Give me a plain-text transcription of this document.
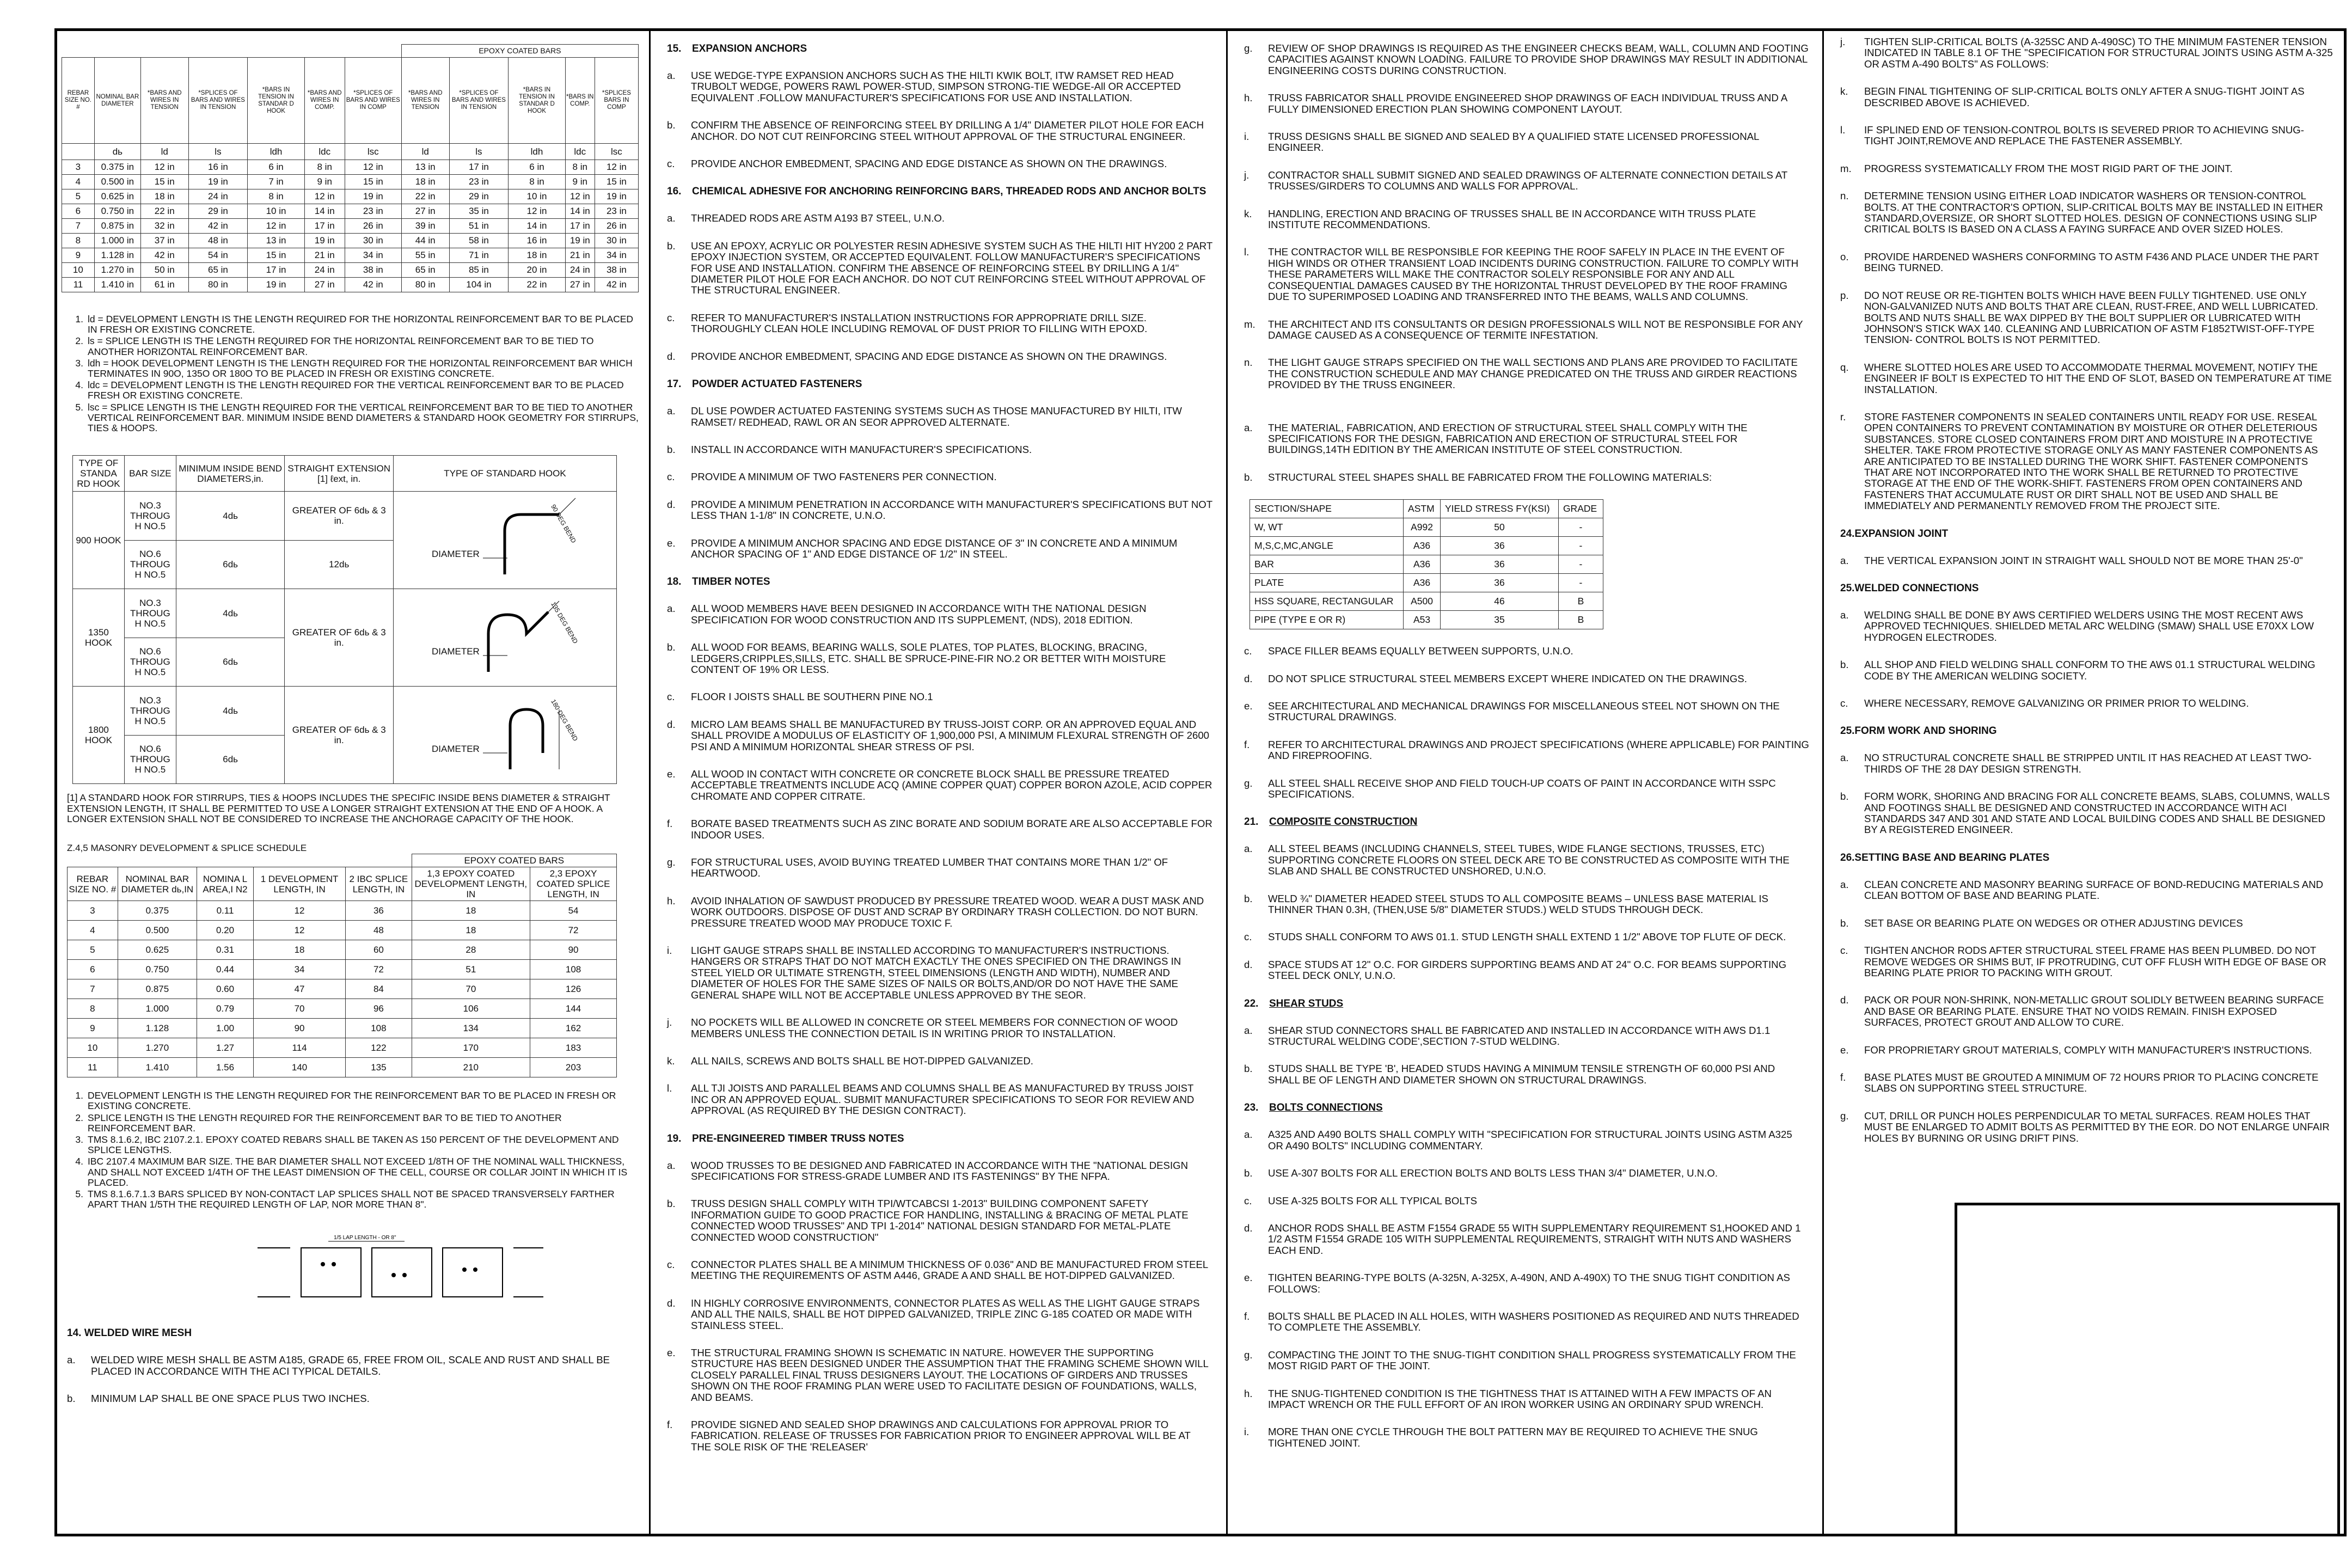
							EPOXY COATED BARS				
REBAR SIZE NO. #	NOMINAL BAR DIAMETER	*BARS AND WIRES IN TENSION	*SPLICES OF BARS AND WIRES IN TENSION	*BARS IN TENSION IN STANDAR D HOOK	*BARS AND WIRES IN COMP.	*SPLICES OF BARS AND WIRES IN COMP	*BARS AND WIRES IN TENSION	*SPLICES OF BARS AND WIRES IN TENSION	*BARS IN TENSION IN STANDAR D HOOK	*BARS IN COMP.	*SPLICES BARS IN COMP
	dь	ld	ls	ldh	ldc	lsc	ld	ls	ldh	ldc	lsc
3	0.375 in	12 in	16 in	6 in	8 in	12 in	13 in	17 in	6 in	8 in	12 in
4	0.500 in	15 in	19 in	7 in	9 in	15 in	18 in	23 in	8 in	9 in	15 in
5	0.625 in	18 in	24 in	8 in	12 in	19 in	22 in	29 in	10 in	12 in	19 in
6	0.750 in	22 in	29 in	10 in	14 in	23 in	27 in	35 in	12 in	14 in	23 in
7	0.875 in	32 in	42 in	12 in	17 in	26 in	39 in	51 in	14 in	17 in	26 in
8	1.000 in	37 in	48 in	13 in	19 in	30 in	44 in	58 in	16 in	19 in	30 in
9	1.128 in	42 in	54 in	15 in	21 in	34 in	55 in	71 in	18 in	21 in	34 in
10	1.270 in	50 in	65 in	17 in	24 in	38 in	65 in	85 in	20 in	24 in	38 in
11	1.410 in	61 in	80 in	19 in	27 in	42 in	80 in	104 in	22 in	27 in	42 in
1. ld = DEVELOPMENT LENGTH IS THE LENGTH REQUIRED FOR THE HORIZONTAL REINFORCEMENT BAR TO BE PLACED IN FRESH OR EXISTING CONCRETE.
2. ls = SPLICE LENGTH IS THE LENGTH REQUIRED FOR THE HORIZONTAL REINFORCEMENT BAR TO BE TIED TO ANOTHER HORIZONTAL REINFORCEMENT BAR.
3. ldh = HOOK DEVELOPMENT LENGTH IS THE LENGTH REQUIRED FOR THE HORIZONTAL REINFORCEMENT BAR WHICH TERMINATES IN 90O, 135O OR 180O TO BE PLACED IN FRESH OR EXISTING CONCRETE.
4. ldc = DEVELOPMENT LENGTH IS THE LENGTH REQUIRED FOR THE VERTICAL REINFORCEMENT BAR TO BE PLACED FRESH OR EXISTING CONCRETE.
5. lsc = SPLICE LENGTH IS THE LENGTH REQUIRED FOR THE VERTICAL REINFORCEMENT BAR TO BE TIED TO ANOTHER VERTICAL REINFORCEMENT BAR. MINIMUM INSIDE BEND DIAMETERS & STANDARD HOOK GEOMETRY FOR STIRRUPS, TIES & HOOPS.
TYPE OF STANDA RD HOOK	BAR SIZE	MINIMUM INSIDE BEND DIAMETERS,in.	STRAIGHT EXTENSION [1] ℓext, in.	TYPE OF STANDARD HOOK
900 HOOK	NO.3 THROUG H NO.5	4dь	GREATER OF 6dь & 3 in.	DIAMETER
90 DEG BEND

	NO.6 THROUG H NO.5	6dь	12dь	
1350 HOOK	NO.3 THROUG H NO.5	4dь	GREATER OF 6dь & 3 in.	DIAMETER
135 DEG BEND

	NO.6 THROUG H NO.5	6dь		
1800 HOOK	NO.3 THROUG H NO.5	4dь	GREATER OF 6dь & 3 in.	DIAMETER
180 DEG BEND

	NO.6 THROUG H NO.5	6dь		
[1] A STANDARD HOOK FOR STIRRUPS, TIES & HOOPS INCLUDES THE SPECIFIC INSIDE BENS DIAMETER & STRAIGHT EXTENSION LENGTH, IT SHALL BE PERMITTED TO USE A LONGER STRAIGHT EXTENSION AT THE END OF A HOOK. A LONGER EXTENSION SHALL NOT BE CONSIDERED TO INCREASE THE ANCHORAGE CAPACITY OF THE HOOK.
Z.4,5 MASONRY DEVELOPMENT & SPLICE SCHEDULE
					EPOXY COATED BARS	
REBAR SIZE NO. #	NOMINAL BAR DIAMETER dь,IN	NOMINA L AREA,I N2	1 DEVELOPMENT LENGTH, IN	2 IBC SPLICE LENGTH, IN	1,3 EPOXY COATED DEVELOPMENT LENGTH, IN	2,3 EPOXY COATED SPLICE LENGTH, IN
3	0.375	0.11	12	36	18	54
4	0.500	0.20	12	48	18	72
5	0.625	0.31	18	60	28	90
6	0.750	0.44	34	72	51	108
7	0.875	0.60	47	84	70	126
8	1.000	0.79	70	96	106	144
9	1.128	1.00	90	108	134	162
10	1.270	1.27	114	122	170	183
11	1.410	1.56	140	135	210	203
1. DEVELOPMENT LENGTH IS THE LENGTH REQUIRED FOR THE REINFORCEMENT BAR TO BE PLACED IN FRESH OR EXISTING CONCRETE.
2. SPLICE LENGTH IS THE LENGTH REQUIRED FOR THE REINFORCEMENT BAR TO BE TIED TO ANOTHER REINFORCEMENT BAR.
3. TMS 8.1.6.2, IBC 2107.2.1. EPOXY COATED REBARS SHALL BE TAKEN AS 150 PERCENT OF THE DEVELOPMENT AND SPLICE LENGTHS.
4. IBC 2107.4 MAXIMUM BAR SIZE. THE BAR DIAMETER SHALL NOT EXCEED 1/8TH OF THE NOMINAL WALL THICKNESS, AND SHALL NOT EXCEED 1/4TH OF THE LEAST DIMENSION OF THE CELL, COURSE OR COLLAR JOINT IN WHICH IT IS PLACED.
5. TMS 8.1.6.7.1.3 BARS SPLICED BY NON-CONTACT LAP SPLICES SHALL NOT BE SPACED TRANSVERSELY FARTHER APART THAN 1/5TH THE REQUIRED LENGTH OF LAP, NOR MORE THAN 8".
1/5 LAP LENGTH - OR 8"
14. WELDED WIRE MESH
a.	WELDED WIRE MESH SHALL BE ASTM A185, GRADE 65, FREE FROM OIL, SCALE AND RUST AND SHALL BE PLACED IN ACCORDANCE WITH THE ACI TYPICAL DETAILS.
b.	MINIMUM LAP SHALL BE ONE SPACE PLUS TWO INCHES.
15.	EXPANSION ANCHORS
a.	USE WEDGE-TYPE EXPANSION ANCHORS SUCH AS THE HILTI KWIK BOLT, ITW RAMSET RED HEAD TRUBOLT WEDGE, POWERS RAWL POWER-STUD, SIMPSON STRONG-TIE WEDGE-All OR ACCEPTED EQUIVALENT .FOLLOW MANUFACTURER'S SPECIFICATIONS FOR USE AND INSTALLATION.
b.	CONFIRM THE ABSENCE OF REINFORCING STEEL BY DRILLING A 1/4" DIAMETER PILOT HOLE FOR EACH ANCHOR. DO NOT CUT REINFORCING STEEL WITHOUT APPROVAL OF THE STRUCTURAL ENGINEER.
c.	PROVIDE ANCHOR EMBEDMENT, SPACING AND EDGE DISTANCE AS SHOWN ON THE DRAWINGS.
16.	CHEMICAL ADHESIVE FOR ANCHORING REINFORCING BARS, THREADED RODS AND ANCHOR BOLTS
a.	THREADED RODS ARE ASTM A193 B7 STEEL, U.N.O.
b.	USE AN EPOXY, ACRYLIC OR POLYESTER RESIN ADHESIVE SYSTEM SUCH AS THE HILTI HIT HY200 2 PART EPOXY INJECTION SYSTEM, OR ACCEPTED EQUIVALENT. FOLLOW MANUFACTURER'S SPECIFICATIONS FOR USE AND INSTALLATION. CONFIRM THE ABSENCE OF REINFORCING STEEL BY DRILLING A 1/4" DIAMETER PILOT HOLE FOR EACH ANCHOR. DO NOT CUT REINFORCING STEEL WITHOUT APPROVAL OF THE STRUCTURAL ENGINEER.
c.	REFER TO MANUFACTURER'S INSTALLATION INSTRUCTIONS FOR APPROPRIATE DRILL SIZE. THOROUGHLY CLEAN HOLE INCLUDING REMOVAL OF DUST PRIOR TO FILLING WITH EPOXD.
d.	PROVIDE ANCHOR EMBEDMENT, SPACING AND EDGE DISTANCE AS SHOWN ON THE DRAWINGS.
17.	POWDER ACTUATED FASTENERS
a.	DL USE POWDER ACTUATED FASTENING SYSTEMS SUCH AS THOSE MANUFACTURED BY HILTI, ITW RAMSET/ REDHEAD, RAWL OR AN SEOR APPROVED ALTERNATE.
b.	INSTALL IN ACCORDANCE WITH MANUFACTURER'S SPECIFICATIONS.
c.	PROVIDE A MINIMUM OF TWO FASTENERS PER CONNECTION.
d.	PROVIDE A MINIMUM PENETRATION IN ACCORDANCE WITH MANUFACTURER'S SPECIFICATIONS BUT NOT LESS THAN 1-1/8" IN CONCRETE, U.N.O.
e.	PROVIDE A MINIMUM ANCHOR SPACING AND EDGE DISTANCE OF 3" IN CONCRETE AND A MINIMUM ANCHOR SPACING OF 1" AND EDGE DISTANCE OF 1/2" IN STEEL.
18.	TIMBER NOTES
a.	ALL WOOD MEMBERS HAVE BEEN DESIGNED IN ACCORDANCE WITH THE NATIONAL DESIGN SPECIFICATION FOR WOOD CONSTRUCTION AND ITS SUPPLEMENT, (NDS), 2018 EDITION.
b.	ALL WOOD FOR BEAMS, BEARING WALLS, SOLE PLATES, TOP PLATES, BLOCKING, BRACING, LEDGERS,CRIPPLES,SILLS, ETC. SHALL BE SPRUCE-PINE-FIR NO.2 OR BETTER WITH MOISTURE CONTENT OF 19% OR LESS.
c.	FLOOR I JOISTS SHALL BE SOUTHERN PINE NO.1
d.	MICRO LAM BEAMS SHALL BE MANUFACTURED BY TRUSS-JOIST CORP. OR AN APPROVED EQUAL AND SHALL PROVIDE A MODULUS OF ELASTICITY OF 1,900,000 PSI, A MINIMUM FLEXURAL STRENGTH OF 2600 PSI AND A MINIMUM HORIZONTAL SHEAR STRESS OF PSI.
e.	ALL WOOD IN CONTACT WITH CONCRETE OR CONCRETE BLOCK SHALL BE PRESSURE TREATED ACCEPTABLE TREATMENTS INCLUDE ACQ (AMINE COPPER QUAT) COPPER BORON AZOLE, ACID COPPER CHROMATE AND COPPER CITRATE.
f.	BORATE BASED TREATMENTS SUCH AS ZINC BORATE AND SODIUM BORATE ARE ALSO ACCEPTABLE FOR INDOOR USES.
g.	FOR STRUCTURAL USES, AVOID BUYING TREATED LUMBER THAT CONTAINS MORE THAN 1/2" OF HEARTWOOD.
h.	AVOID INHALATION OF SAWDUST PRODUCED BY PRESSURE TREATED WOOD. WEAR A DUST MASK AND WORK OUTDOORS. DISPOSE OF DUST AND SCRAP BY ORDINARY TRASH COLLECTION. DO NOT BURN. PRESSURE TREATED WOOD MAY PRODUCE TOXIC F.
i.	LIGHT GAUGE STRAPS SHALL BE INSTALLED ACCORDING TO MANUFACTURER'S INSTRUCTIONS. HANGERS OR STRAPS THAT DO NOT MATCH EXACTLY THE ONES SPECIFIED ON THE DRAWINGS IN STEEL YIELD OR ULTIMATE STRENGTH, STEEL DIMENSIONS (LENGTH AND WIDTH), NUMBER AND DIAMETER OF HOLES FOR THE SAME SIZES OF NAILS OR BOLTS,AND/OR DO NOT HAVE THE SAME GENERAL SHAPE WILL NOT BE ACCEPTABLE UNLESS APPROVED BY THE SEOR.
j.	NO POCKETS WILL BE ALLOWED IN CONCRETE OR STEEL MEMBERS FOR CONNECTION OF WOOD MEMBERS UNLESS THE CONNECTION DETAIL IS IN WRITING PRIOR TO INSTALLATION.
k.	ALL NAILS, SCREWS AND BOLTS SHALL BE HOT-DIPPED GALVANIZED.
l.	ALL TJI JOISTS AND PARALLEL BEAMS AND COLUMNS SHALL BE AS MANUFACTURED BY TRUSS JOIST INC OR AN APPROVED EQUAL. SUBMIT MANUFACTURER SPECIFICATIONS TO SEOR FOR REVIEW AND APPROVAL (AS REQUIRED BY THE DESIGN CONTRACT).
19.	PRE-ENGINEERED TIMBER TRUSS NOTES
a.	WOOD TRUSSES TO BE DESIGNED AND FABRICATED IN ACCORDANCE WITH THE "NATIONAL DESIGN SPECIFICATIONS FOR STRESS-GRADE LUMBER AND ITS FASTENINGS" BY THE NFPA.
b.	TRUSS DESIGN SHALL COMPLY WITH TPI/WTCABCSI 1-2013" BUILDING COMPONENT SAFETY INFORMATION GUIDE TO GOOD PRACTICE FOR HANDLING, INSTALLING & BRACING OF METAL PLATE CONNECTED WOOD TRUSSES" AND TPI 1-2014" NATIONAL DESIGN STANDARD FOR METAL-PLATE CONNECTED WOOD CONSTRUCTION"
c.	CONNECTOR PLATES SHALL BE A MINIMUM THICKNESS OF 0.036" AND BE MANUFACTURED FROM STEEL MEETING THE REQUIREMENTS OF ASTM A446, GRADE A AND SHALL BE HOT-DIPPED GALVANIZED.
d.	IN HIGHLY CORROSIVE ENVIRONMENTS, CONNECTOR PLATES AS WELL AS THE LIGHT GAUGE STRAPS AND ALL THE NAILS, SHALL BE HOT DIPPED GALVANIZED, TRIPLE ZINC G-185 COATED OR MADE WITH STAINLESS STEEL.
e.	THE STRUCTURAL FRAMING SHOWN IS SCHEMATIC IN NATURE. HOWEVER THE SUPPORTING STRUCTURE HAS BEEN DESIGNED UNDER THE ASSUMPTION THAT THE FRAMING SCHEME SHOWN WILL CLOSELY PARALLEL FINAL TRUSS DESIGNERS LAYOUT. THE LOCATIONS OF GIRDERS AND TRUSSES SHOWN ON THE ROOF FRAMING PLAN WERE USED TO FACILITATE DESIGN OF FOUNDATIONS, WALLS, AND BEAMS.
f.	PROVIDE SIGNED AND SEALED SHOP DRAWINGS AND CALCULATIONS FOR APPROVAL PRIOR TO FABRICATION. RELEASE OF TRUSSES FOR FABRICATION PRIOR TO ENGINEER APPROVAL WILL BE AT THE SOLE RISK OF THE 'RELEASER'
g.	REVIEW OF SHOP DRAWINGS IS REQUIRED AS THE ENGINEER CHECKS BEAM, WALL, COLUMN AND FOOTING CAPACITIES AGAINST KNOWN LOADING. FAILURE TO PROVIDE SHOP DRAWINGS MAY RESULT IN ADDITIONAL ENGINEERING COSTS DURING CONSTRUCTION.
h.	TRUSS FABRICATOR SHALL PROVIDE ENGINEERED SHOP DRAWINGS OF EACH INDIVIDUAL TRUSS AND A FULLY DIMENSIONED ERECTION PLAN SHOWING COMPONENT LAYOUT.
i.	TRUSS DESIGNS SHALL BE SIGNED AND SEALED BY A QUALIFIED STATE LICENSED PROFESSIONAL ENGINEER.
j.	CONTRACTOR SHALL SUBMIT SIGNED AND SEALED DRAWINGS OF ALTERNATE CONNECTION DETAILS AT TRUSSES/GIRDERS TO COLUMNS AND WALLS FOR APPROVAL.
k.	HANDLING, ERECTION AND BRACING OF TRUSSES SHALL BE IN ACCORDANCE WITH TRUSS PLATE INSTITUTE RECOMMENDATIONS.
l.	THE CONTRACTOR WILL BE RESPONSIBLE FOR KEEPING THE ROOF SAFELY IN PLACE IN THE EVENT OF HIGH WINDS OR OTHER TRANSIENT LOAD INCIDENTS DURING CONSTRUCTION. FAILURE TO COMPLY WITH THESE PARAMETERS WILL MAKE THE CONTRACTOR SOLELY RESPONSIBLE FOR ANY AND ALL CONSEQUENTIAL DAMAGES CAUSED BY THE HORIZONTAL THRUST DEVELOPED BY THE ROOF FRAMING DUE TO SUPERIMPOSED LOADING AND TRANSFERRED INTO THE BEAMS, WALLS AND COLUMNS.
m.	THE ARCHITECT AND ITS CONSULTANTS OR DESIGN PROFESSIONALS WILL NOT BE RESPONSIBLE FOR ANY DAMAGE CAUSED AS A CONSEQUENCE OF TERMITE INFESTATION.
n.	THE LIGHT GAUGE STRAPS SPECIFIED ON THE WALL SECTIONS AND PLANS ARE PROVIDED TO FACILITATE THE CONSTRUCTION SCHEDULE AND MAY CHANGE PREDICATED ON THE TRUSS AND GIRDER REACTIONS PROVIDED BY THE TRUSS ENGINEER.
a.	THE MATERIAL, FABRICATION, AND ERECTION OF STRUCTURAL STEEL SHALL COMPLY WITH THE SPECIFICATIONS FOR THE DESIGN, FABRICATION AND ERECTION OF STRUCTURAL STEEL FOR BUILDINGS,14TH EDITION BY THE AMERICAN INSTITUTE OF STEEL CONSTRUCTION.
b.	STRUCTURAL STEEL SHAPES SHALL BE FABRICATED FROM THE FOLLOWING MATERIALS:
SECTION/SHAPE	ASTM	YIELD STRESS FY(KSI)	GRADE
W, WT	A992	50	-
M,S,C,MC,ANGLE	A36	36	-
BAR	A36	36	-
PLATE	A36	36	-
HSS SQUARE, RECTANGULAR	A500	46	B
PIPE (TYPE E OR R)	A53	35	B
c.	SPACE FILLER BEAMS EQUALLY BETWEEN SUPPORTS, U.N.O.
d.	DO NOT SPLICE STRUCTURAL STEEL MEMBERS EXCEPT WHERE INDICATED ON THE DRAWINGS.
e.	SEE ARCHITECTURAL AND MECHANICAL DRAWINGS FOR MISCELLANEOUS STEEL NOT SHOWN ON THE STRUCTURAL DRAWINGS.
f.	REFER TO ARCHITECTURAL DRAWINGS AND PROJECT SPECIFICATIONS (WHERE APPLICABLE) FOR PAINTING AND FIREPROOFING.
g.	ALL STEEL SHALL RECEIVE SHOP AND FIELD TOUCH-UP COATS OF PAINT IN ACCORDANCE WITH SSPC SPECIFICATIONS.
21.	COMPOSITE CONSTRUCTION
a.	ALL STEEL BEAMS (INCLUDING CHANNELS, STEEL TUBES, WIDE FLANGE SECTIONS, TRUSSES, ETC) SUPPORTING CONCRETE FLOORS ON STEEL DECK ARE TO BE CONSTRUCTED AS COMPOSITE WITH THE SLAB AND SHALL BE CONSTRUCTED UNSHORED, U.N.O.
b.	WELD ¾" DIAMETER HEADED STEEL STUDS TO ALL COMPOSITE BEAMS – UNLESS BASE MATERIAL IS THINNER THAN 0.3H, (THEN,USE 5/8" DIAMETER STUDS.) WELD STUDS THROUGH DECK.
c.	STUDS SHALL CONFORM TO AWS 01.1. STUD LENGTH SHALL EXTEND 1 1/2" ABOVE TOP FLUTE OF DECK.
d.	SPACE STUDS AT 12" O.C. FOR GIRDERS SUPPORTING BEAMS AND AT 24" O.C. FOR BEAMS SUPPORTING STEEL DECK ONLY, U.N.O.
22.	SHEAR STUDS
a.	SHEAR STUD CONNECTORS SHALL BE FABRICATED AND INSTALLED IN ACCORDANCE WITH AWS D1.1 STRUCTURAL WELDING CODE',SECTION 7-STUD WELDING.
b.	STUDS SHALL BE TYPE 'B', HEADED STUDS HAVING A MINIMUM TENSILE STRENGTH OF 60,000 PSI AND SHALL BE OF LENGTH AND DIAMETER SHOWN ON STRUCTURAL DRAWINGS.
23.	BOLTS CONNECTIONS
a.	A325 AND A490 BOLTS SHALL COMPLY WITH "SPECIFICATION FOR STRUCTURAL JOINTS USING ASTM A325 OR A490 BOLTS" INCLUDING COMMENTARY.
b.	USE A-307 BOLTS FOR ALL ERECTION BOLTS AND BOLTS LESS THAN 3/4" DIAMETER, U.N.O.
c.	USE A-325 BOLTS FOR ALL TYPICAL BOLTS
d.	ANCHOR RODS SHALL BE ASTM F1554 GRADE 55 WITH SUPPLEMENTARY REQUIREMENT S1,HOOKED AND 1 1/2 ASTM F1554 GRADE 105 WITH SUPPLEMENTAL REQUIREMENTS, STRAIGHT WITH NUTS AND WASHERS EACH END.
e.	TIGHTEN BEARING-TYPE BOLTS (A-325N, A-325X, A-490N, AND A-490X) TO THE SNUG TIGHT CONDITION AS FOLLOWS:
f.	BOLTS SHALL BE PLACED IN ALL HOLES, WITH WASHERS POSITIONED AS REQUIRED AND NUTS THREADED TO COMPLETE THE ASSEMBLY.
g.	COMPACTING THE JOINT TO THE SNUG-TIGHT CONDITION SHALL PROGRESS SYSTEMATICALLY FROM THE MOST RIGID PART OF THE JOINT.
h.	THE SNUG-TIGHTENED CONDITION IS THE TIGHTNESS THAT IS ATTAINED WITH A FEW IMPACTS OF AN IMPACT WRENCH OR THE FULL EFFORT OF AN IRON WORKER USING AN ORDINARY SPUD WRENCH.
i.	MORE THAN ONE CYCLE THROUGH THE BOLT PATTERN MAY BE REQUIRED TO ACHIEVE THE SNUG TIGHTENED JOINT.
j.	TIGHTEN SLIP-CRITICAL BOLTS (A-325SC AND A-490SC) TO THE MINIMUM FASTENER TENSION INDICATED IN TABLE 8.1 OF THE "SPECIFICATION FOR STRUCTURAL JOINTS USING ASTM A-325 OR ASTM A-490 BOLTS" AS FOLLOWS:
k.	BEGIN FINAL TIGHTENING OF SLIP-CRITICAL BOLTS ONLY AFTER A SNUG-TIGHT JOINT AS DESCRIBED ABOVE IS ACHIEVED.
l.	IF SPLINED END OF TENSION-CONTROL BOLTS IS SEVERED PRIOR TO ACHIEVING SNUG-TIGHT JOINT,REMOVE AND REPLACE THE FASTENER ASSEMBLY.
m.	PROGRESS SYSTEMATICALLY FROM THE MOST RIGID PART OF THE JOINT.
n.	DETERMINE TENSION USING EITHER LOAD INDICATOR WASHERS OR TENSION-CONTROL BOLTS. AT THE CONTRACTOR'S OPTION, SLIP-CRITICAL BOLTS MAY BE INSTALLED IN EITHER STANDARD,OVERSIZE, OR SHORT SLOTTED HOLES. DESIGN OF CONNECTIONS USING SLIP CRITICAL BOLTS IS BASED ON A CLASS A FAYING SURFACE AND OVER SIZED HOLES.
o.	PROVIDE HARDENED WASHERS CONFORMING TO ASTM F436 AND PLACE UNDER THE PART BEING TURNED.
p.	DO NOT REUSE OR RE-TIGHTEN BOLTS WHICH HAVE BEEN FULLY TIGHTENED. USE ONLY NON-GALVANIZED NUTS AND BOLTS THAT ARE CLEAN, RUST-FREE, AND WELL LUBRICATED. BOLTS AND NUTS SHALL BE WAX DIPPED BY THE BOLT SUPPLIER OR LUBRICATED WITH JOHNSON'S STICK WAX 140. CLEANING AND LUBRICATION OF ASTM F1852TWIST-OFF-TYPE TENSION- CONTROL BOLTS IS NOT PERMITTED.
q.	WHERE SLOTTED HOLES ARE USED TO ACCOMMODATE THERMAL MOVEMENT, NOTIFY THE ENGINEER IF BOLT IS EXPECTED TO HIT THE END OF SLOT, BASED ON TEMPERATURE AT TIME INSTALLATION.
r.	STORE FASTENER COMPONENTS IN SEALED CONTAINERS UNTIL READY FOR USE. RESEAL OPEN CONTAINERS TO PREVENT CONTAMINATION BY MOISTURE OR OTHER DELETERIOUS SUBSTANCES. STORE CLOSED CONTAINERS FROM DIRT AND MOISTURE IN A PROTECTIVE SHELTER. TAKE FROM PROTECTIVE STORAGE ONLY AS MANY FASTENER COMPONENTS AS ARE ANTICIPATED TO BE INSTALLED DURING THE WORK SHIFT. FASTENER COMPONENTS THAT ARE NOT INCORPORATED INTO THE WORK SHALL BE RETURNED TO PROTECTIVE STORAGE AT THE END OF THE WORK-SHIFT. FASTENERS FROM OPEN CONTAINERS AND FASTENERS THAT ACCUMULATE RUST OR DIRT SHALL NOT BE USED AND SHALL BE IMMEDIATELY AND PERMANENTLY REMOVED FROM THE PROJECT SITE.
24.EXPANSION JOINT
a.	THE VERTICAL EXPANSION JOINT IN STRAIGHT WALL SHOULD NOT BE MORE THAN 25'-0"
25.WELDED CONNECTIONS
a.	WELDING SHALL BE DONE BY AWS CERTIFIED WELDERS USING THE MOST RECENT AWS APPROVED TECHNIQUES. SHIELDED METAL ARC WELDING (SMAW) SHALL USE E70XX LOW HYDROGEN ELECTRODES.
b.	ALL SHOP AND FIELD WELDING SHALL CONFORM TO THE AWS 01.1 STRUCTURAL WELDING CODE BY THE AMERICAN WELDING SOCIETY.
c.	WHERE NECESSARY, REMOVE GALVANIZING OR PRIMER PRIOR TO WELDING.
25.FORM WORK AND SHORING
a.	NO STRUCTURAL CONCRETE SHALL BE STRIPPED UNTIL IT HAS REACHED AT LEAST TWO-THIRDS OF THE 28 DAY DESIGN STRENGTH.
b.	FORM WORK, SHORING AND BRACING FOR ALL CONCRETE BEAMS, SLABS, COLUMNS, WALLS AND FOOTINGS SHALL BE DESIGNED AND CONSTRUCTED IN ACCORDANCE WITH ACI STANDARDS 347 AND 301 AND STATE AND LOCAL BUILDING CODES AND SHALL BE DESIGNED BY A REGISTERED ENGINEER.
26.SETTING BASE AND BEARING PLATES
a.	CLEAN CONCRETE AND MASONRY BEARING SURFACE OF BOND-REDUCING MATERIALS AND CLEAN BOTTOM OF BASE AND BEARING PLATE.
b.	SET BASE OR BEARING PLATE ON WEDGES OR OTHER ADJUSTING DEVICES
c.	TIGHTEN ANCHOR RODS AFTER STRUCTURAL STEEL FRAME HAS BEEN PLUMBED. DO NOT REMOVE WEDGES OR SHIMS BUT, IF PROTRUDING, CUT OFF FLUSH WITH EDGE OF BASE OR BEARING PLATE PRIOR TO PACKING WITH GROUT.
d.	PACK OR POUR NON-SHRINK, NON-METALLIC GROUT SOLIDLY BETWEEN BEARING SURFACE AND BASE OR BEARING PLATE. ENSURE THAT NO VOIDS REMAIN. FINISH EXPOSED SURFACES, PROTECT GROUT AND ALLOW TO CURE.
e.	FOR PROPRIETARY GROUT MATERIALS, COMPLY WITH MANUFACTURER'S INSTRUCTIONS.
f.	BASE PLATES MUST BE GROUTED A MINIMUM OF 72 HOURS PRIOR TO PLACING CONCRETE SLABS ON SUPPORTING STEEL STRUCTURE.
g.	CUT, DRILL OR PUNCH HOLES PERPENDICULAR TO METAL SURFACES. REAM HOLES THAT MUST BE ENLARGED TO ADMIT BOLTS AS PERMITTED BY THE EOR. DO NOT ENLARGE UNFAIR HOLES BY BURNING OR USING DRIFT PINS.
